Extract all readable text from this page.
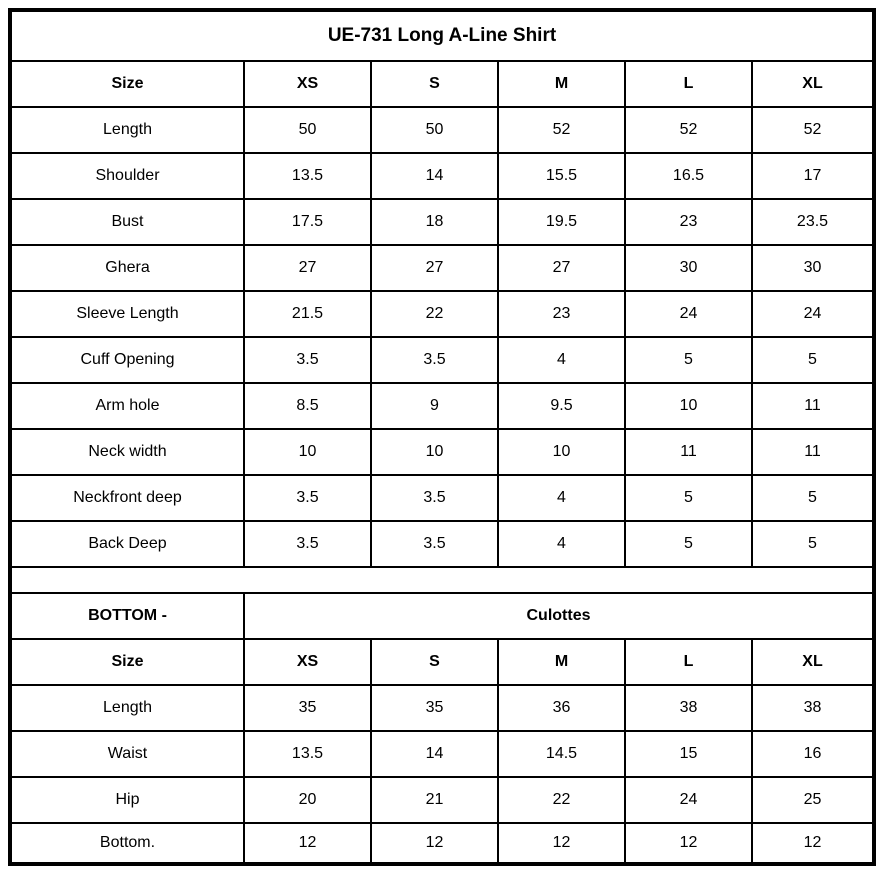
UE-731 Long A-Line Shirt
Size	XS	S	M	L	XL
Length	50	50	52	52	52
Shoulder	13.5	14	15.5	16.5	17
Bust	17.5	18	19.5	23	23.5
Ghera	27	27	27	30	30
Sleeve Length	21.5	22	23	24	24
Cuff Opening	3.5	3.5	4	5	5
Arm hole	8.5	9	9.5	10	11
Neck width	10	10	10	11	11
Neckfront deep	3.5	3.5	4	5	5
Back Deep	3.5	3.5	4	5	5
BOTTOM -	Culottes
Size	XS	S	M	L	XL
Length	35	35	36	38	38
Waist	13.5	14	14.5	15	16
Hip	20	21	22	24	25
Bottom.	12	12	12	12	12
